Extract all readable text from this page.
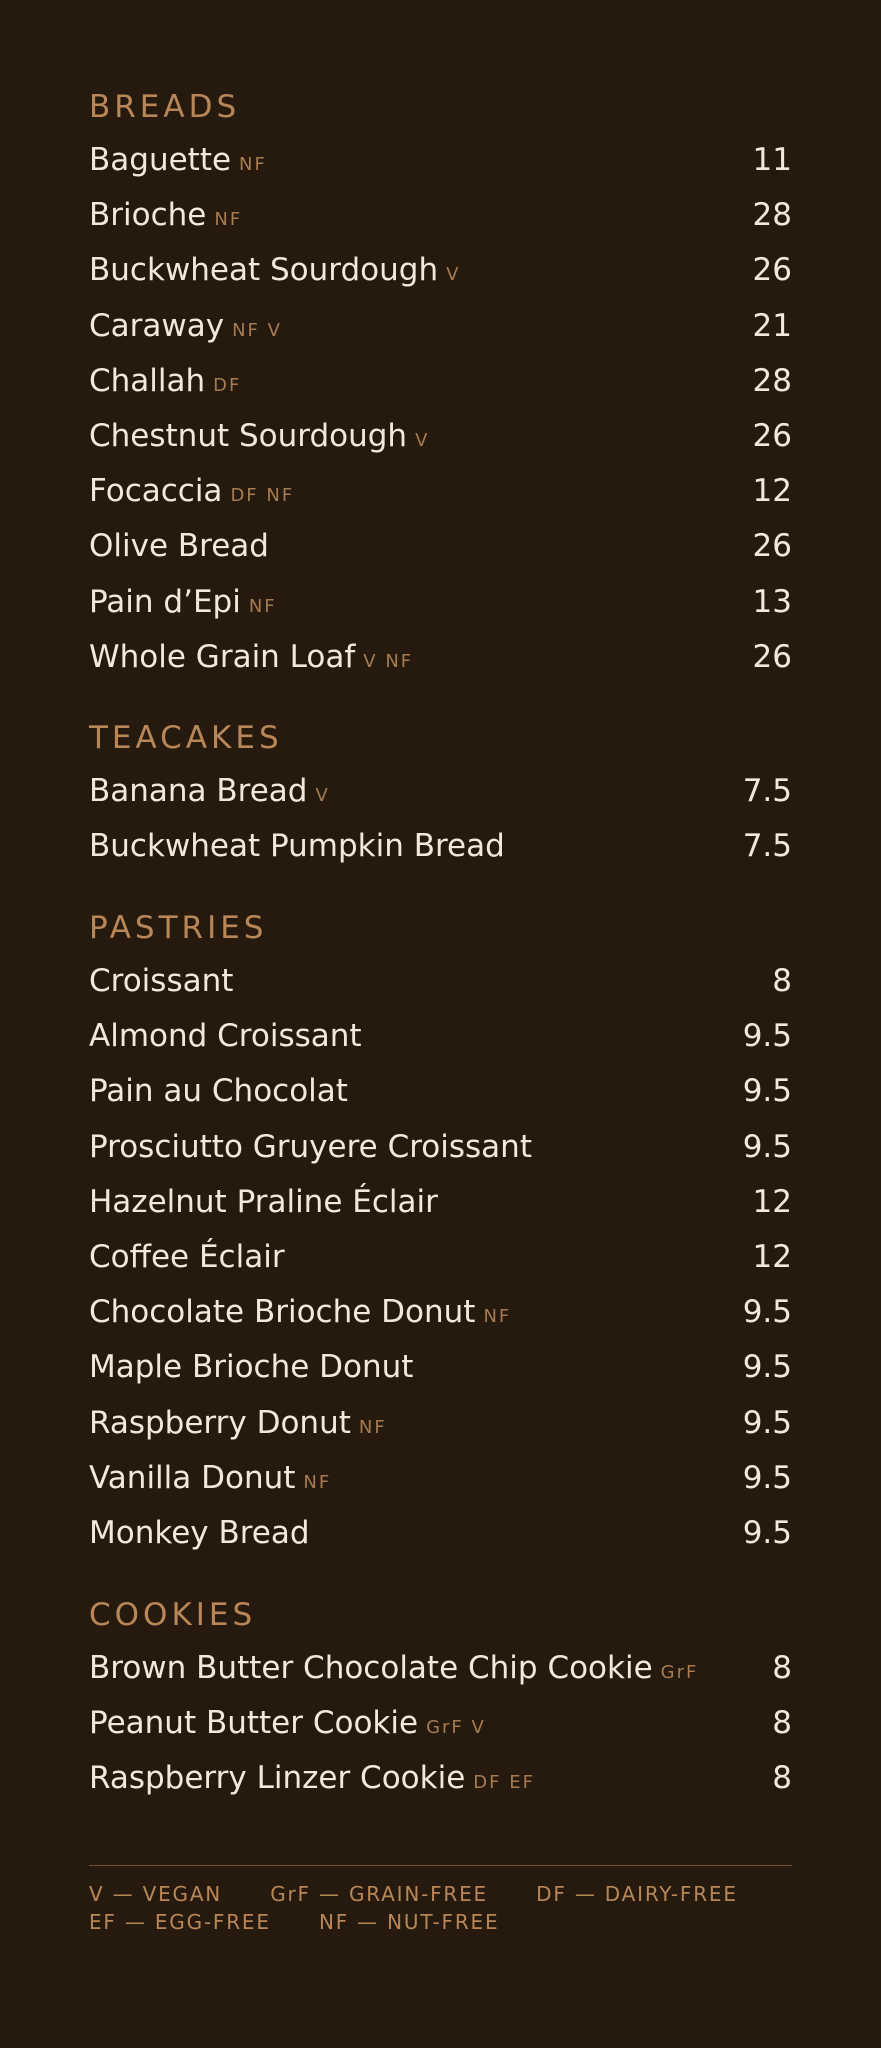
BREADS
Baguette NF	11
Brioche NF	28
Buckwheat Sourdough V	26
Caraway NF V	21
Challah DF	28
Chestnut Sourdough V	26
Focaccia DF NF	12
Olive Bread	26
Pain d’Epi NF	13
Whole Grain Loaf V NF	26
TEACAKES
Banana Bread V	7.5
Buckwheat Pumpkin Bread	7.5
PASTRIES
Croissant	8
Almond Croissant	9.5
Pain au Chocolat	9.5
Prosciutto Gruyere Croissant	9.5
Hazelnut Praline Éclair	12
Coffee Éclair	12
Chocolate Brioche Donut NF	9.5
Maple Brioche Donut	9.5
Raspberry Donut NF	9.5
Vanilla Donut NF	9.5
Monkey Bread	9.5
COOKIES
Brown Butter Chocolate Chip Cookie GrF 8
Peanut Butter Cookie GrF V	8
Raspberry Linzer Cookie DF EF	8
V — VEGAN GrF — GRAIN-FREE DF — DAIRY-FREE
EF — EGG-FREE NF — NUT-FREE
